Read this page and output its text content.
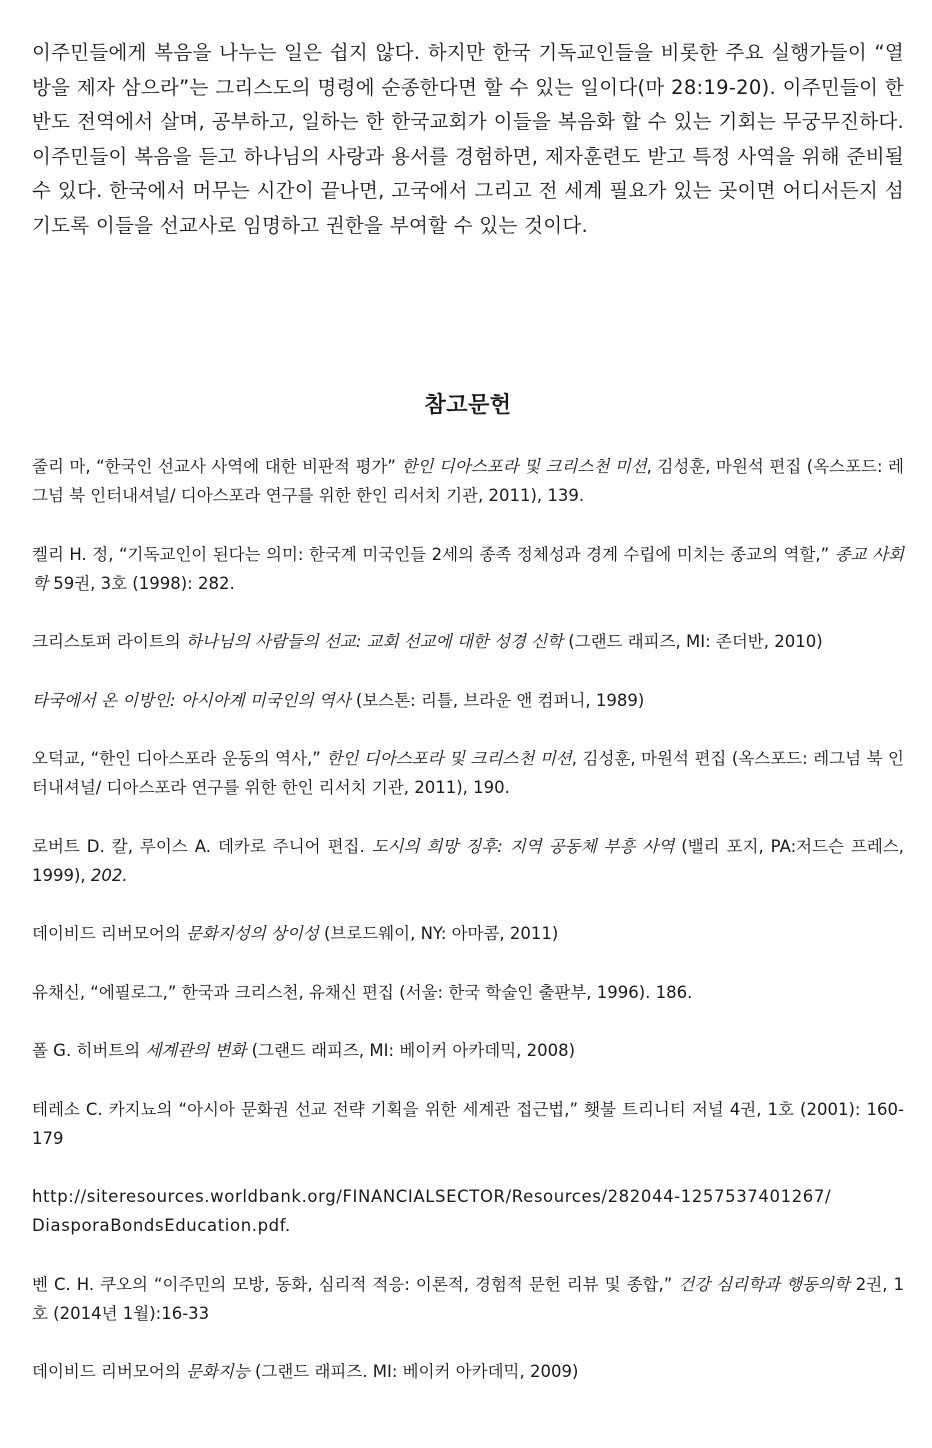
이주민들에게 복음을 나누는 일은 쉽지 않다. 하지만 한국 기독교인들을 비롯한 주요 실행가들이 “열방을 제자 삼으라”는 그리스도의 명령에 순종한다면 할 수 있는 일이다(마 28:19-20). 이주민들이 한반도 전역에서 살며, 공부하고, 일하는 한 한국교회가 이들을 복음화 할 수 있는 기회는 무궁무진하다. 이주민들이 복음을 듣고 하나님의 사랑과 용서를 경험하면, 제자훈련도 받고 특정 사역을 위해 준비될 수 있다. 한국에서 머무는 시간이 끝나면, 고국에서 그리고 전 세계 필요가 있는 곳이면 어디서든지 섬기도록 이들을 선교사로 임명하고 권한을 부여할 수 있는 것이다.

참고문헌
줄리 마, “한국인 선교사 사역에 대한 비판적 평가” 한인 디아스포라 및 크리스천 미션, 김성훈, 마원석 편집 (옥스포드: 레그넘 북 인터내셔널/ 디아스포라 연구를 위한 한인 리서치 기관, 2011), 139.
켈리 H. 정, “기독교인이 된다는 의미: 한국계 미국인들 2세의 종족 정체성과 경계 수립에 미치는 종교의 역할,” 종교 사회학 59권, 3호 (1998): 282.
크리스토퍼 라이트의 하나님의 사람들의 선교: 교회 선교에 대한 성경 신학 (그랜드 래피즈, MI: 존더반, 2010)
타국에서 온 이방인: 아시아계 미국인의 역사 (보스톤: 리틀, 브라운 앤 컴퍼니, 1989)
오덕교, “한인 디아스포라 운동의 역사,” 한인 디아스포라 및 크리스천 미션, 김성훈, 마원석 편집 (옥스포드: 레그넘 북 인터내셔널/ 디아스포라 연구를 위한 한인 리서치 기관, 2011), 190.
로버트 D. 칼, 루이스 A. 데카로 주니어 편집. 도시의 희망 징후: 지역 공동체 부흥 사역 (밸리 포지, PA:저드슨 프레스, 1999), 202.
데이비드 리버모어의 문화지성의 상이성 (브로드웨이, NY: 아마콤, 2011)
유채신, “에필로그,” 한국과 크리스천, 유채신 편집 (서울: 한국 학술인 출판부, 1996). 186.
폴 G. 히버트의 세계관의 변화 (그랜드 래피즈, MI: 베이커 아카데믹, 2008)
테레소 C. 카지뇨의 “아시아 문화권 선교 전략 기획을 위한 세계관 접근법,” 횃불 트리니티 저널 4권, 1호 (2001): 160-179
http://siteresources.worldbank.org/FINANCIALSECTOR/Resources/282044-1257537401267/
DiasporaBondsEducation.pdf.
벤 C. H. 쿠오의 “이주민의 모방, 동화, 심리적 적응: 이론적, 경험적 문헌 리뷰 및 종합,” 건강 심리학과 행동의학 2권, 1호 (2014년 1월):16-33
데이비드 리버모어의 문화지능 (그랜드 래피즈. MI: 베이커 아카데믹, 2009)
